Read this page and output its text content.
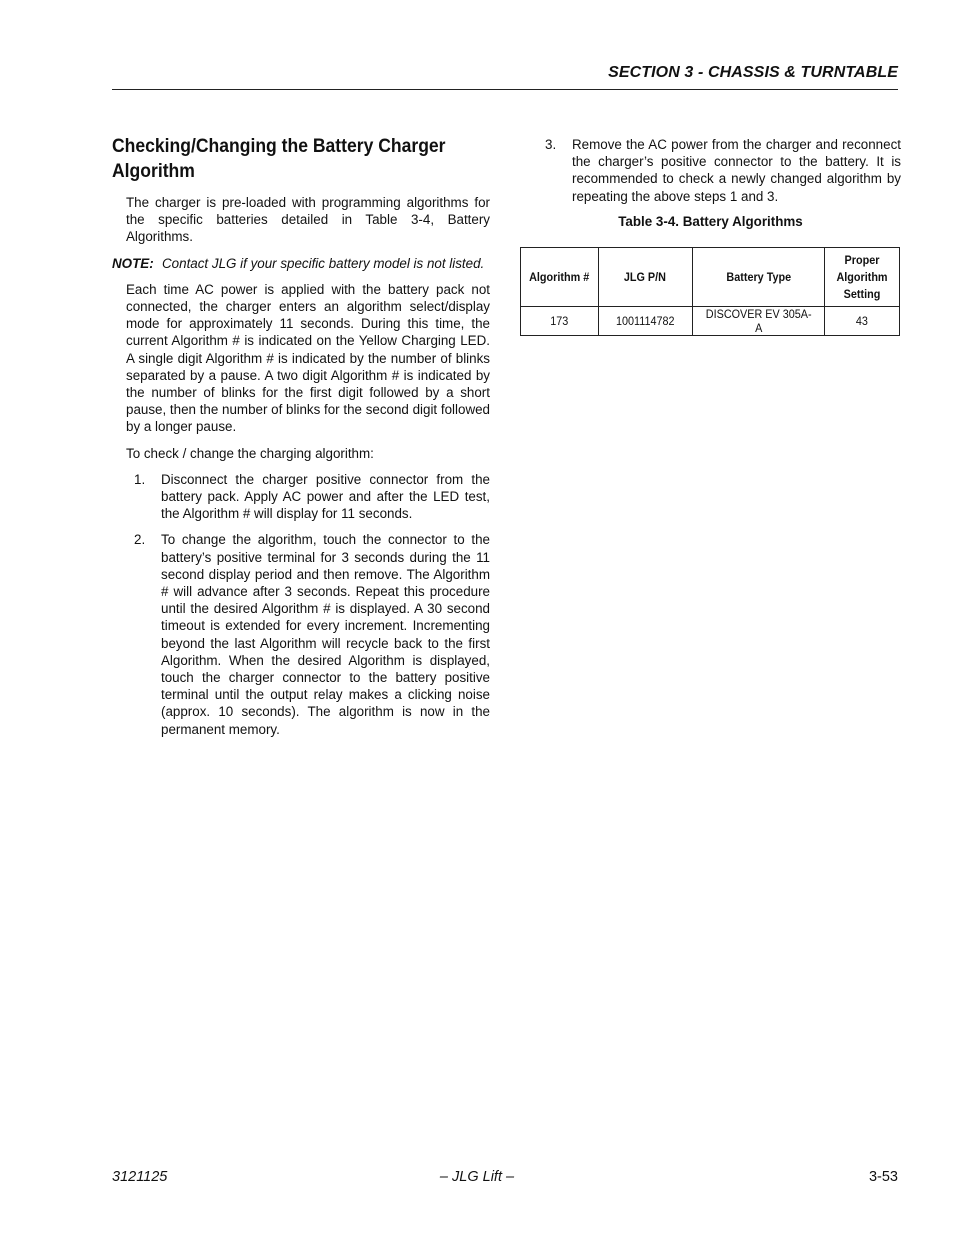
SECTION 3 - CHASSIS & TURNTABLE
Checking/Changing the Battery Charger Algorithm

The charger is pre-loaded with programming algorithms for the specific batteries detailed in Table 3-4, Battery Algorithms.

NOTE: Contact JLG if your specific battery model is not listed.

Each time AC power is applied with the battery pack not connected, the charger enters an algorithm select/display mode for approximately 11 seconds. During this time, the current Algorithm # is indicated on the Yellow Charging LED. A single digit Algorithm # is indicated by the number of blinks separated by a pause. A two digit Algorithm # is indicated by the number of blinks for the first digit followed by a short pause, then the number of blinks for the second digit followed by a longer pause.

To check / change the charging algorithm:

1.	Disconnect the charger positive connector from the battery pack. Apply AC power and after the LED test, the Algorithm # will display for 11 seconds.
2.	To change the algorithm, touch the connector to the battery’s positive terminal for 3 seconds during the 11 second display period and then remove. The Algorithm # will advance after 3 seconds. Repeat this procedure until the desired Algorithm # is displayed. A 30 second timeout is extended for every increment. Incrementing beyond the last Algorithm will recycle back to the first Algorithm. When the desired Algorithm is displayed, touch the charger connector to the battery positive terminal until the output relay makes a clicking noise (approx. 10 seconds). The algorithm is now in the permanent memory.
3.	Remove the AC power from the charger and reconnect the charger’s positive connector to the battery. It is recommended to check a newly changed algorithm by repeating the above steps 1 and 3.
Table 3-4. Battery Algorithms
Algorithm #	JLG P/N	Battery Type	Proper Algorithm Setting
173	1001114782	DISCOVER EV 305A-A	43
– JLG Lift –
3121125	3-53
